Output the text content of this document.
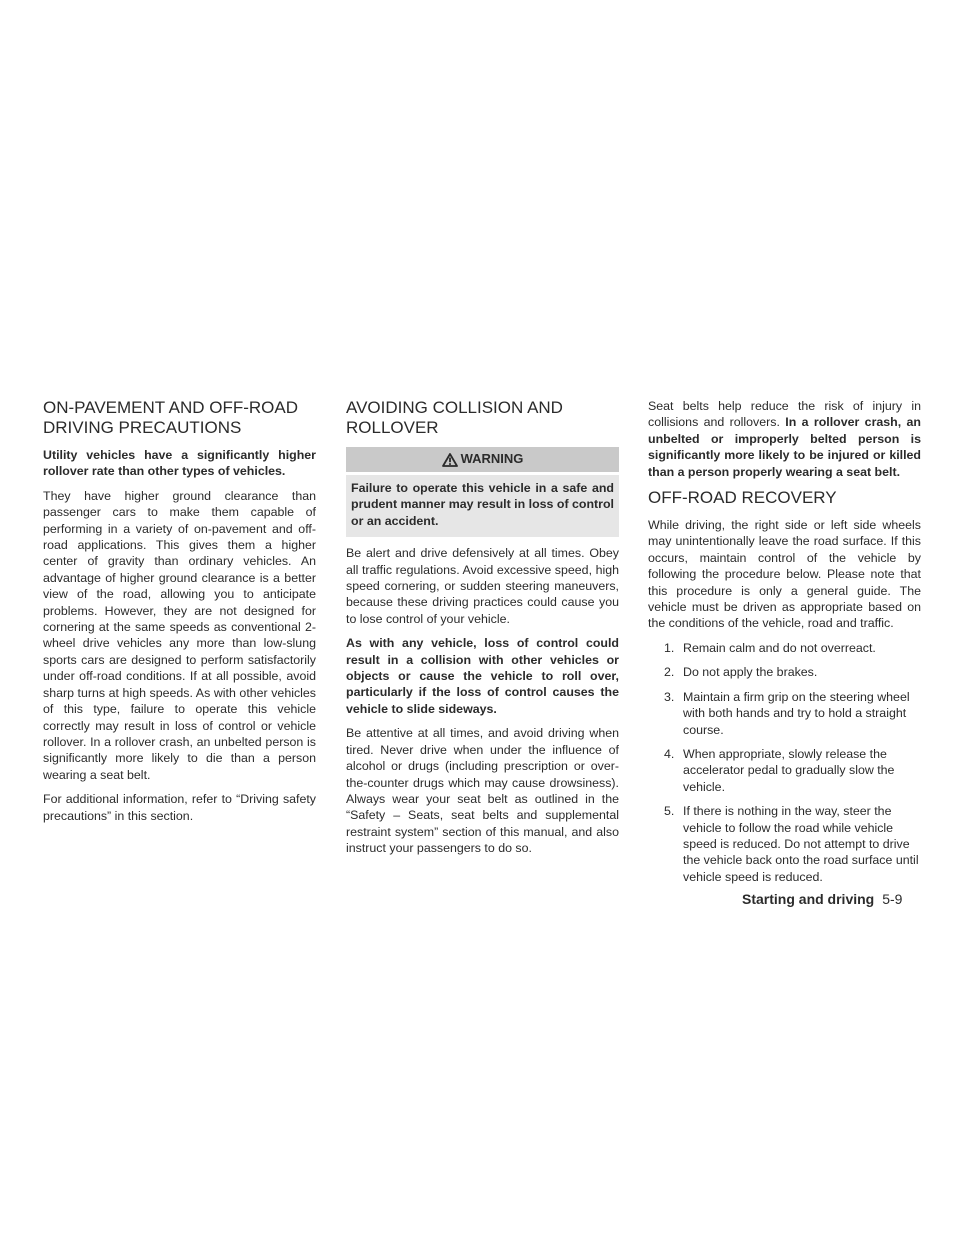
ON-PAVEMENT AND OFF-ROAD
DRIVING PRECAUTIONS

Utility vehicles have a significantly higher rollover rate than other types of vehicles.

They have higher ground clearance than passenger cars to make them capable of performing in a variety of on-pavement and off-road applications. This gives them a higher center of gravity than ordinary vehicles. An advantage of higher ground clearance is a better view of the road, allowing you to anticipate problems. However, they are not designed for cornering at the same speeds as conventional 2-wheel drive vehicles any more than low-slung sports cars are designed to perform satisfactorily under off-road conditions. If at all possible, avoid sharp turns at high speeds. As with other vehicles of this type, failure to operate this vehicle correctly may result in loss of control or vehicle rollover. In a rollover crash, an unbelted person is significantly more likely to die than a person wearing a seat belt.

For additional information, refer to “Driving safety precautions” in this section.

AVOIDING COLLISION AND
ROLLOVER
WARNING
Failure to operate this vehicle in a safe and prudent manner may result in loss of control or an accident.

Be alert and drive defensively at all times. Obey all traffic regulations. Avoid excessive speed, high speed cornering, or sudden steering maneuvers, because these driving practices could cause you to lose control of your vehicle.

As with any vehicle, loss of control could result in a collision with other vehicles or objects or cause the vehicle to roll over, particularly if the loss of control causes the vehicle to slide sideways.

Be attentive at all times, and avoid driving when tired. Never drive when under the influence of alcohol or drugs (including prescription or over-the-counter drugs which may cause drowsiness). Always wear your seat belt as outlined in the “Safety – Seats, seat belts and supplemental restraint system” section of this manual, and also instruct your passengers to do so.

Seat belts help reduce the risk of injury in collisions and rollovers. In a rollover crash, an unbelted or improperly belted person is significantly more likely to be injured or killed than a person properly wearing a seat belt.

OFF-ROAD RECOVERY

While driving, the right side or left side wheels may unintentionally leave the road surface. If this occurs, maintain control of the vehicle by following the procedure below. Please note that this procedure is only a general guide. The vehicle must be driven as appropriate based on the conditions of the vehicle, road and traffic.

1. Remain calm and do not overreact.
2. Do not apply the brakes.
3. Maintain a firm grip on the steering wheel with both hands and try to hold a straight course.
4. When appropriate, slowly release the accelerator pedal to gradually slow the vehicle.
5. If there is nothing in the way, steer the vehicle to follow the road while vehicle speed is reduced. Do not attempt to drive the vehicle back onto the road surface until vehicle speed is reduced.
Starting and driving 5-9
